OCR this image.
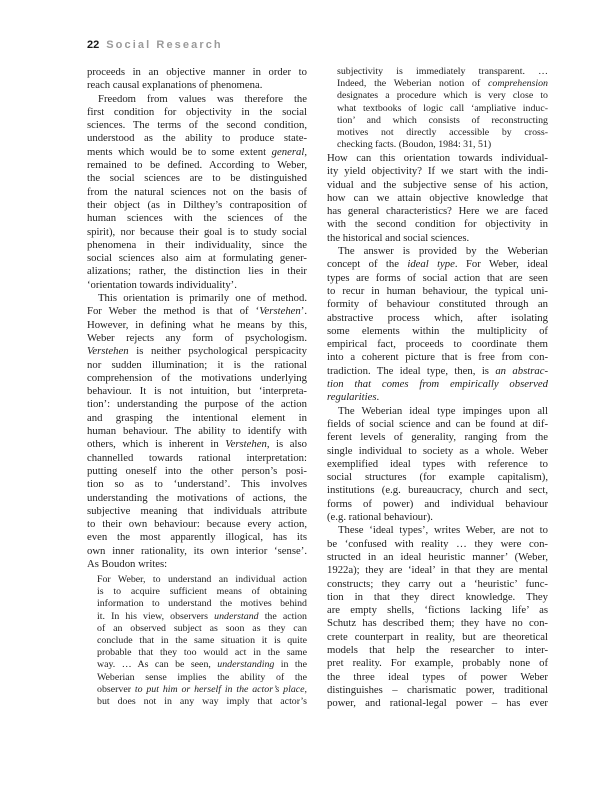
22 Social Research
proceeds in an objective manner in order to
reach causal explanations of phenomena.
Freedom from values was therefore the
first condition for objectivity in the social
sciences. The terms of the second condition,
understood as the ability to produce state-
ments which would be to some extent general,
remained to be defined. According to Weber,
the social sciences are to be distinguished
from the natural sciences not on the basis of
their object (as in Dilthey’s contraposition of
human sciences with the sciences of the
spirit), nor because their goal is to study social
phenomena in their individuality, since the
social sciences also aim at formulating gener-
alizations; rather, the distinction lies in their
‘orientation towards individuality’.
This orientation is primarily one of method.
For Weber the method is that of ‘Verstehen’.
However, in defining what he means by this,
Weber rejects any form of psychologism.
Verstehen is neither psychological perspicacity
nor sudden illumination; it is the rational
comprehension of the motivations underlying
behaviour. It is not intuition, but ‘interpreta-
tion’: understanding the purpose of the action
and grasping the intentional element in
human behaviour. The ability to identify with
others, which is inherent in Verstehen, is also
channelled towards rational interpretation:
putting oneself into the other person’s posi-
tion so as to ‘understand’. This involves
understanding the motivations of actions, the
subjective meaning that individuals attribute
to their own behaviour: because every action,
even the most apparently illogical, has its
own inner rationality, its own interior ‘sense’.
As Boudon writes:
For Weber, to understand an individual action
is to acquire sufficient means of obtaining
information to understand the motives behind
it. In his view, observers understand the action
of an observed subject as soon as they can
conclude that in the same situation it is quite
probable that they too would act in the same
way. … As can be seen, understanding in the
Weberian sense implies the ability of the
observer to put him or herself in the actor’s place,
but does not in any way imply that actor’s
subjectivity is immediately transparent. …
Indeed, the Weberian notion of comprehension
designates a procedure which is very close to
what textbooks of logic call ‘ampliative induc-
tion’ and which consists of reconstructing
motives not directly accessible by cross-
checking facts. (Boudon, 1984: 31, 51)
How can this orientation towards individual-
ity yield objectivity? If we start with the indi-
vidual and the subjective sense of his action,
how can we attain objective knowledge that
has general characteristics? Here we are faced
with the second condition for objectivity in
the historical and social sciences.
The answer is provided by the Weberian
concept of the ideal type. For Weber, ideal
types are forms of social action that are seen
to recur in human behaviour, the typical uni-
formity of behaviour constituted through an
abstractive process which, after isolating
some elements within the multiplicity of
empirical fact, proceeds to coordinate them
into a coherent picture that is free from con-
tradiction. The ideal type, then, is an abstrac-
tion that comes from empirically observed
regularities.
The Weberian ideal type impinges upon all
fields of social science and can be found at dif-
ferent levels of generality, ranging from the
single individual to society as a whole. Weber
exemplified ideal types with reference to
social structures (for example capitalism),
institutions (e.g. bureaucracy, church and sect,
forms of power) and individual behaviour
(e.g. rational behaviour).
These ‘ideal types’, writes Weber, are not to
be ‘confused with reality … they were con-
structed in an ideal heuristic manner’ (Weber,
1922a); they are ‘ideal’ in that they are mental
constructs; they carry out a ‘heuristic’ func-
tion in that they direct knowledge. They
are empty shells, ‘fictions lacking life’ as
Schutz has described them; they have no con-
crete counterpart in reality, but are theoretical
models that help the researcher to inter-
pret reality. For example, probably none of
the three ideal types of power Weber
distinguishes – charismatic power, traditional
power, and rational-legal power – has ever
